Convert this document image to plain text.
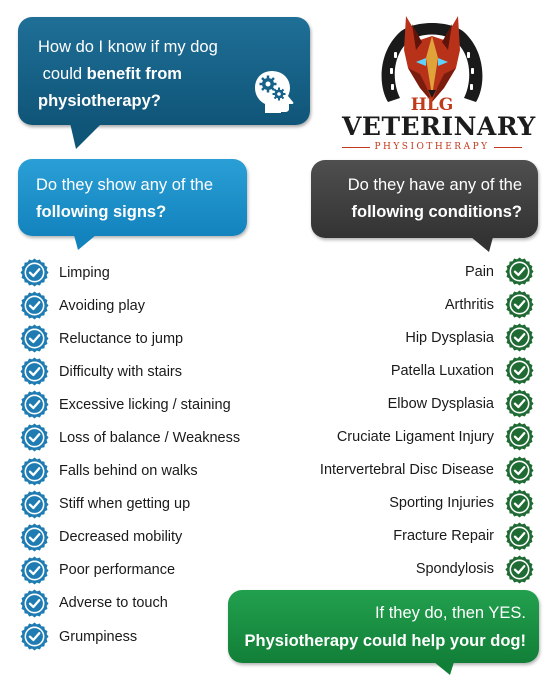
How do I know if my dog
could benefit from
physiotherapy?	HLG
VETERINARY
PHYSIOTHERAPY
Do they show any of the
following signs?
Do they have any of the
following conditions?
Limping
Avoiding play
Reluctance to jump
Difficulty with stairs
Excessive licking / staining
Loss of balance / Weakness
Falls behind on walks
Stiff when getting up
Decreased mobility
Poor performance
Adverse to touch
Grumpiness
Pain
Arthritis
Hip Dysplasia
Patella Luxation
Elbow Dysplasia
Cruciate Ligament Injury
Intervertebral Disc Disease
Sporting Injuries
Fracture Repair
Spondylosis
If they do, then YES.
Physiotherapy could help your dog!
